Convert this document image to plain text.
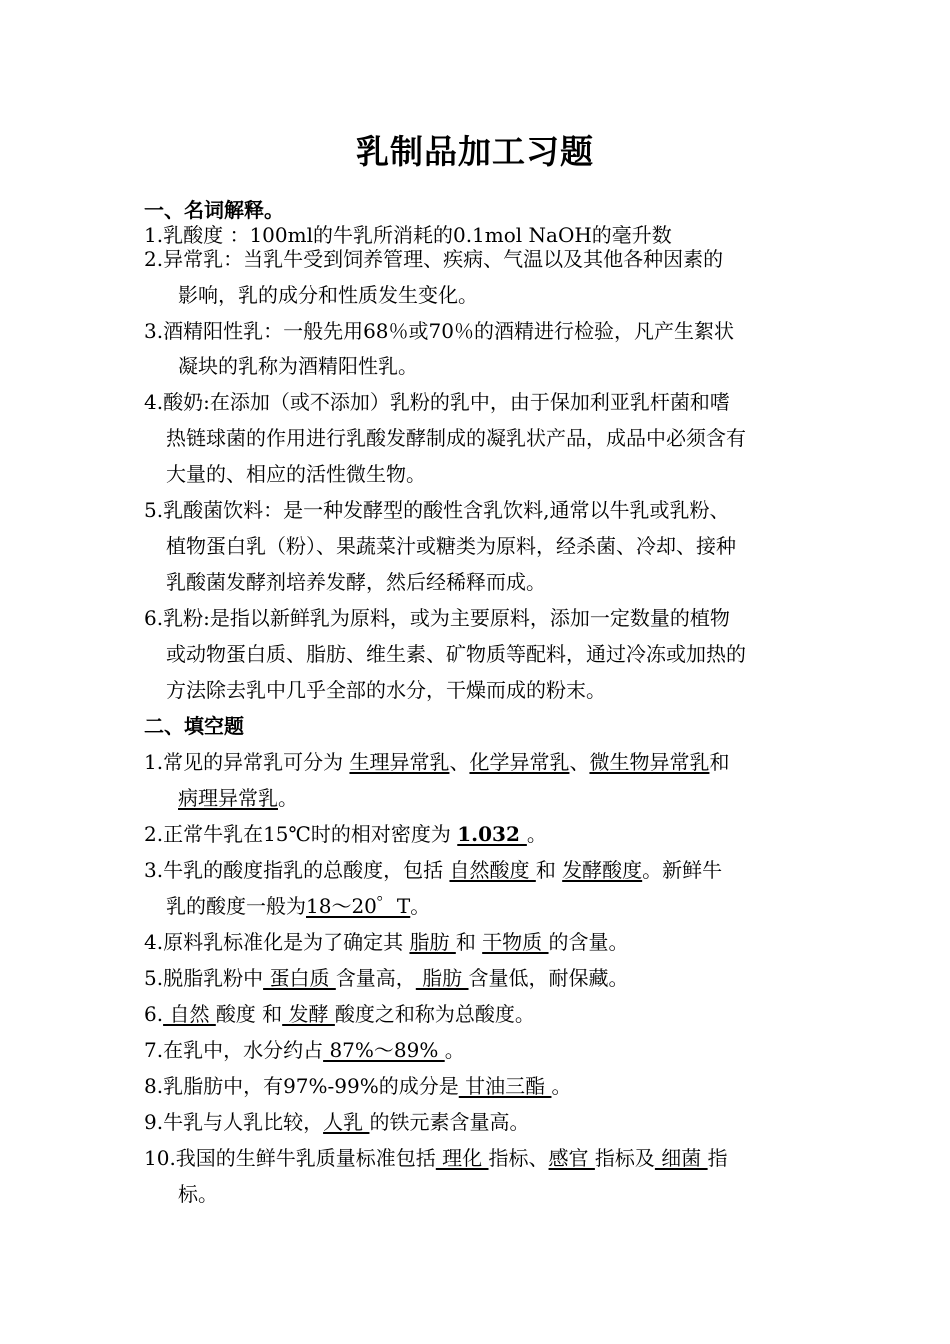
乳制品加工习题
一、名词解释。
1.乳酸度 ：100ml的牛乳所消耗的0.1mol NaOH的毫升数
2.异常乳：当乳牛受到饲养管理、疾病、气温以及其他各种因素的
影响，乳的成分和性质发生变化。
3.酒精阳性乳：一般先用68％或70％的酒精进行检验，凡产生絮状
凝块的乳称为酒精阳性乳。
4.酸奶:在添加（或不添加）乳粉的乳中，由于保加利亚乳杆菌和嗜
热链球菌的作用进行乳酸发酵制成的凝乳状产品，成品中必须含有
大量的、相应的活性微生物。
5.乳酸菌饮料：是一种发酵型的酸性含乳饮料,通常以牛乳或乳粉、
植物蛋白乳（粉）、果蔬菜汁或糖类为原料，经杀菌、冷却、接种
乳酸菌发酵剂培养发酵，然后经稀释而成。
6.乳粉:是指以新鲜乳为原料，或为主要原料，添加一定数量的植物
或动物蛋白质、脂肪、维生素、矿物质等配料，通过冷冻或加热的
方法除去乳中几乎全部的水分，干燥而成的粉末。
二、填空题
1.常见的异常乳可分为 生理异常乳、化学异常乳、微生物异常乳和
病理异常乳。
2.正常牛乳在15℃时的相对密度为 1.032 。
3.牛乳的酸度指乳的总酸度，包括 自然酸度 和 发酵酸度。新鲜牛
乳的酸度一般为18～20゜T。
4.原料乳标准化是为了确定其 脂肪 和 干物质 的含量。
5.脱脂乳粉中 蛋白质 含量高， 脂肪 含量低，耐保藏。
6. 自然 酸度 和 发酵 酸度之和称为总酸度。
7.在乳中，水分约占 87%～89% 。
8.乳脂肪中，有97%-99%的成分是 甘油三酯 。
9.牛乳与人乳比较，人乳 的铁元素含量高。
10.我国的生鲜牛乳质量标准包括 理化 指标、感官 指标及 细菌 指
标。
